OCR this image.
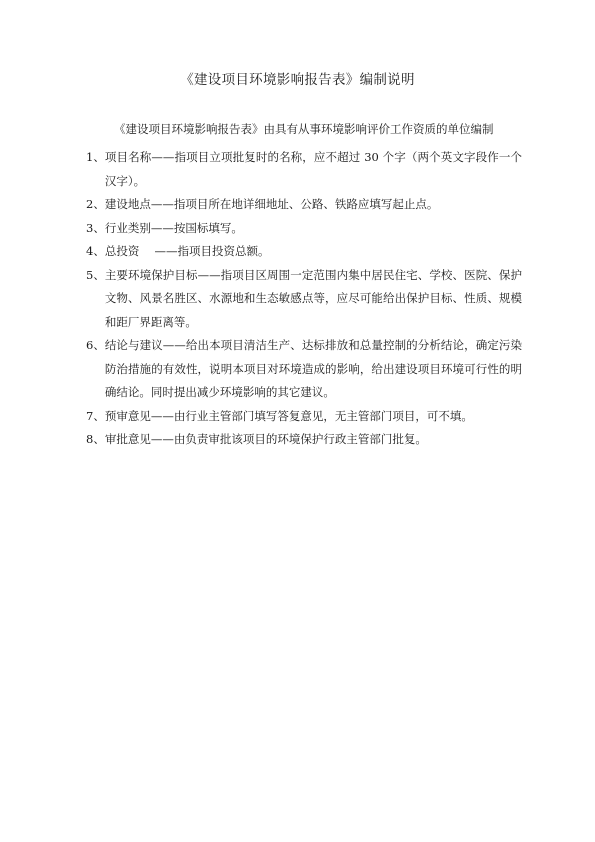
《建设项目环境影响报告表》编制说明
《建设项目环境影响报告表》由具有从事环境影响评价工作资质的单位编制
1、 项目名称——指项目立项批复时的名称，应不超过 30 个字（两个英文字段作一个汉字）。
2、 建设地点——指项目所在地详细地址、公路、铁路应填写起止点。
3、 行业类别——按国标填写。
4、 总投资　 ——指项目投资总额。
5、 主要环境保护目标——指项目区周围一定范围内集中居民住宅、学校、医院、保护文物、风景名胜区、水源地和生态敏感点等，应尽可能给出保护目标、性质、规模和距厂界距离等。
6、 结论与建议——给出本项目清洁生产、达标排放和总量控制的分析结论，确定污染防治措施的有效性，说明本项目对环境造成的影响，给出建设项目环境可行性的明确结论。同时提出减少环境影响的其它建议。
7、 预审意见——由行业主管部门填写答复意见，无主管部门项目，可不填。
8、 审批意见——由负责审批该项目的环境保护行政主管部门批复。
